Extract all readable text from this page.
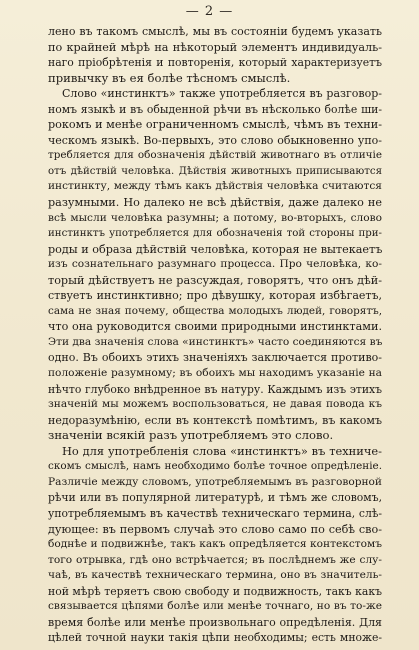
— 2 —
лено въ такомъ смыслѣ, мы въ состояніи будемъ указать
по крайней мѣрѣ на нѣкоторый элементъ индивидуаль-
наго пріобрѣтенія и повторенія, который характеризуетъ
привычку въ ея болѣе тѣсномъ смыслѣ.
Слово «инстинктъ» также употребляется въ разговор-
номъ языкѣ и въ обыденной рѣчи въ нѣсколько болѣе ши-
рокомъ и менѣе ограниченномъ смыслѣ, чѣмъ въ техни-
ческомъ языкѣ. Во-первыхъ, это слово обыкновенно упо-
требляется для обозначенія дѣйствій животнаго въ отличіе
отъ дѣйствій человѣка. Дѣйствія животныхъ приписываются
инстинкту, между тѣмъ какъ дѣйствія человѣка считаются
разумными. Но далеко не всѣ дѣйствія, даже далеко не
всѣ мысли человѣка разумны; а потому, во-вторыхъ, слово
инстинктъ употребляется для обозначенія той стороны при-
роды и образа дѣйствій человѣка, которая не вытекаетъ
изъ сознательнаго разумнаго процесса. Про человѣка, ко-
торый дѣйствуетъ не разсуждая, говорятъ, что онъ дѣй-
ствуетъ инстинктивно; про дѣвушку, которая избѣгаетъ,
сама не зная почему, общества молодыхъ людей, говорятъ,
что она руководится своими природными инстинктами.
Эти два значенія слова «инстинктъ» часто соединяются въ
одно. Въ обоихъ этихъ значеніяхъ заключается противо-
положеніе разумному; въ обоихъ мы находимъ указаніе на
нѣчто глубоко внѣдренное въ натуру. Каждымъ изъ этихъ
значеній мы можемъ воспользоваться, не давая повода къ
недоразумѣнію, если въ контекстѣ помѣтимъ, въ какомъ
значеніи всякій разъ употребляемъ это слово.
Но для употребленія слова «инстинктъ» въ техниче-
скомъ смыслѣ, намъ необходимо болѣе точное опредѣленіе.
Различіе между словомъ, употребляемымъ въ разговорной
рѣчи или въ популярной литературѣ, и тѣмъ же словомъ,
употребляемымъ въ качествѣ техническаго термина, слѣ-
дующее: въ первомъ случаѣ это слово само по себѣ сво-
боднѣе и подвижнѣе, такъ какъ опредѣляется контекстомъ
того отрывка, гдѣ оно встрѣчается; въ послѣднемъ же слу-
чаѣ, въ качествѣ техническаго термина, оно въ значитель-
ной мѣрѣ теряетъ свою свободу и подвижность, такъ какъ
связывается цѣпями болѣе или менѣе точнаго, но въ то-же
время болѣе или менѣе произвольнаго опредѣленія. Для
цѣлей точной науки такія цѣпи необходимы; есть множе-
